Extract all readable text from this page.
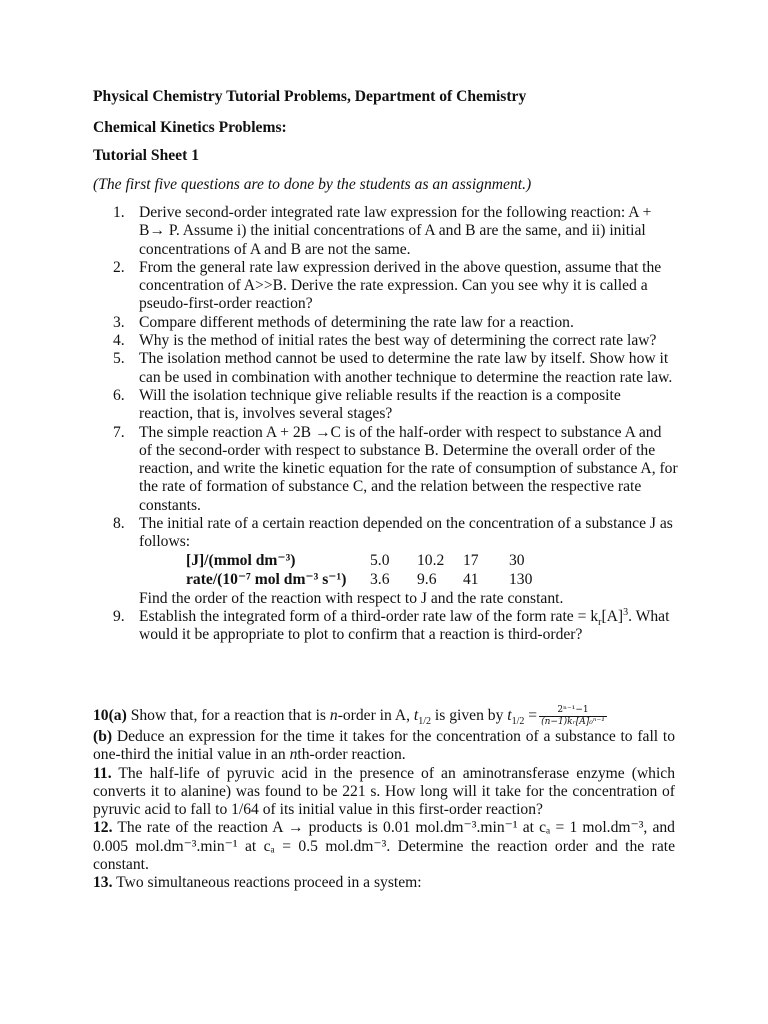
Physical Chemistry Tutorial Problems, Department of Chemistry
Chemical Kinetics Problems:
Tutorial Sheet 1
(The first five questions are to done by the students as an assignment.)
1. Derive second-order integrated rate law expression for the following reaction: A + B→ P. Assume i) the initial concentrations of A and B are the same, and ii) initial concentrations of A and B are not the same.
2. From the general rate law expression derived in the above question, assume that the concentration of A>>B. Derive the rate expression. Can you see why it is called a pseudo-first-order reaction?
3. Compare different methods of determining the rate law for a reaction.
4. Why is the method of initial rates the best way of determining the correct rate law?
5. The isolation method cannot be used to determine the rate law by itself. Show how it can be used in combination with another technique to determine the reaction rate law.
6. Will the isolation technique give reliable results if the reaction is a composite reaction, that is, involves several stages?
7. The simple reaction A + 2B →C is of the half-order with respect to substance A and of the second-order with respect to substance B. Determine the overall order of the reaction, and write the kinetic equation for the rate of consumption of substance A, for the rate of formation of substance C, and the relation between the respective rate constants.
8. The initial rate of a certain reaction depended on the concentration of a substance J as follows:
[J]/(mmol dm⁻³)	5.0	10.2	17	30
rate/(10⁻⁷ mol dm⁻³ s⁻¹)	3.6	9.6	41	130
Find the order of the reaction with respect to J and the rate constant.
9. Establish the integrated form of a third-order rate law of the form rate = $k_r[A]^3$. What would it be appropriate to plot to confirm that a reaction is third-order?

10(a) Show that, for a reaction that is n-order in A, $t_{1/2}$ is given by $t_{1/2} = \frac{\text{2ⁿ⁻¹−1}}{\text{(n−1)kᵣ[A]₀ⁿ⁻¹}}$

(b) Deduce an expression for the time it takes for the concentration of a substance to fall to one-third the initial value in an nth-order reaction.

11. The half-life of pyruvic acid in the presence of an aminotransferase enzyme (which converts it to alanine) was found to be 221 s. How long will it take for the concentration of pyruvic acid to fall to 1/64 of its initial value in this first-order reaction?

12. The rate of the reaction A → products is 0.01 mol.dm⁻³.min⁻¹ at cₐ = 1 mol.dm⁻³, and 0.005 mol.dm⁻³.min⁻¹ at cₐ = 0.5 mol.dm⁻³. Determine the reaction order and the rate constant.

13. Two simultaneous reactions proceed in a system:
